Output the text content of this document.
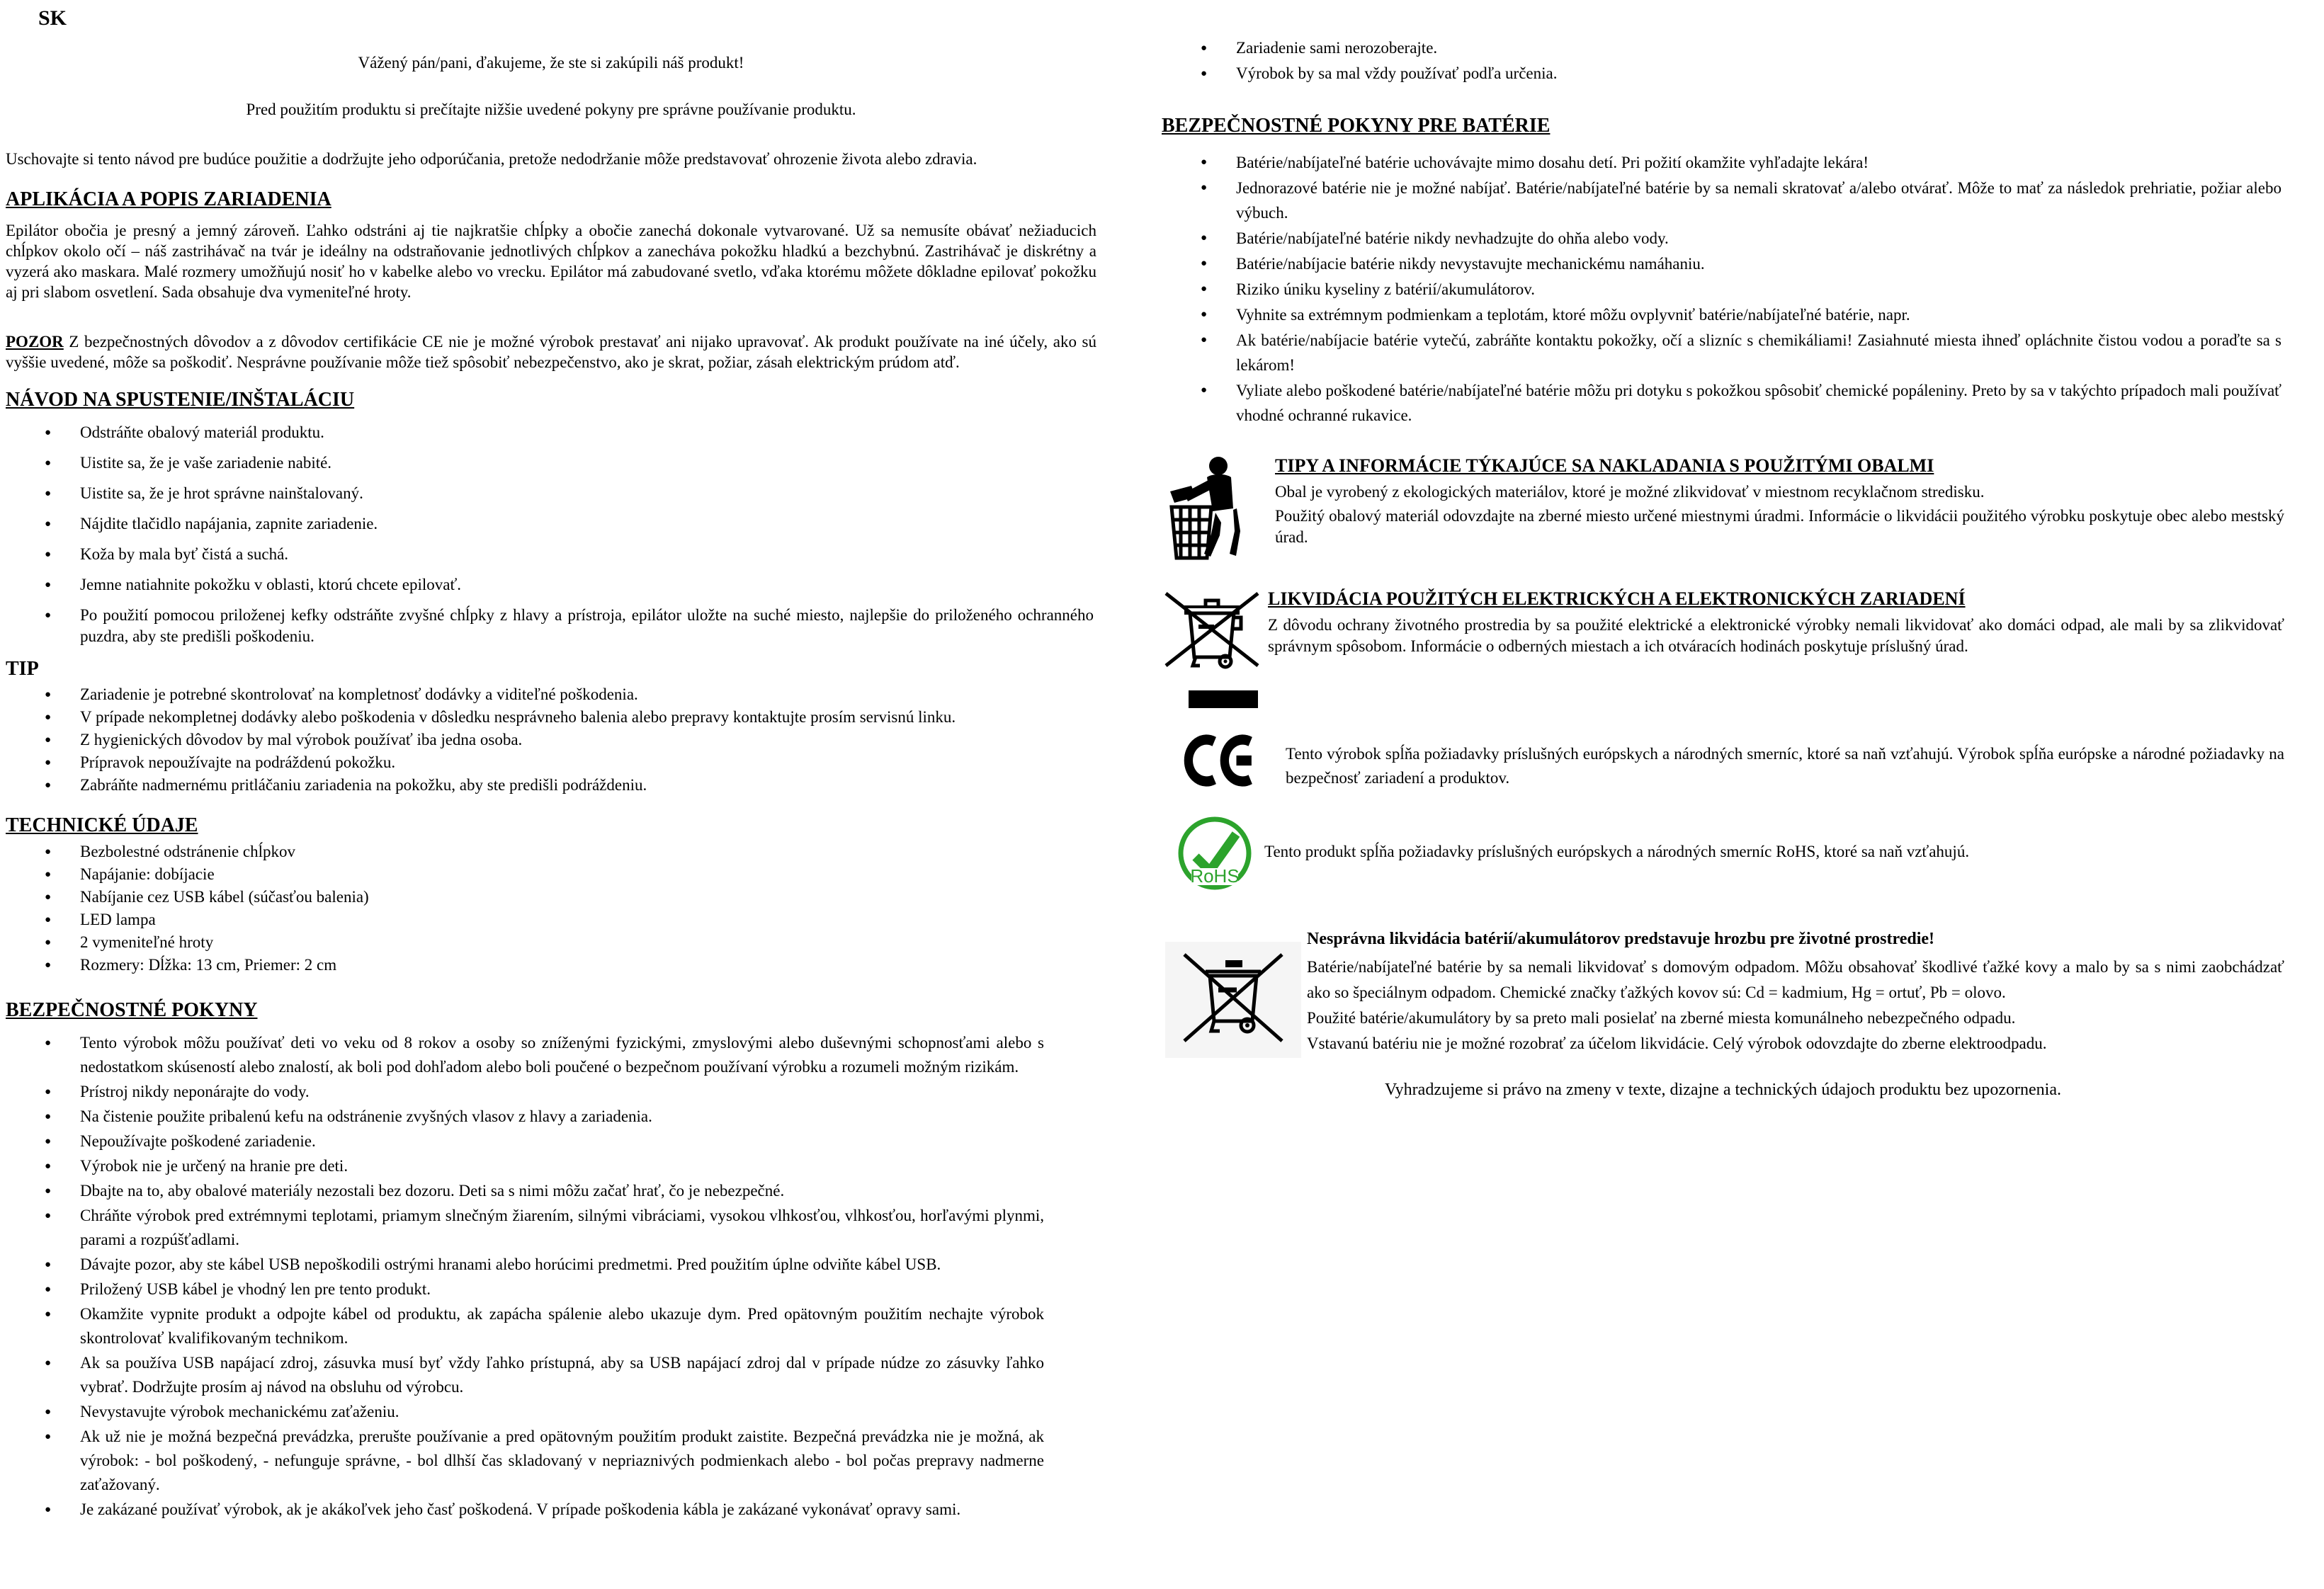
SK
Vážený pán/pani, ďakujeme, že ste si zakúpili náš produkt!
Pred použitím produktu si prečítajte nižšie uvedené pokyny pre správne používanie produktu.
Uschovajte si tento návod pre budúce použitie a dodržujte jeho odporúčania, pretože nedodržanie môže predstavovať ohrozenie života alebo zdravia.
APLIKÁCIA A POPIS ZARIADENIA

Epilátor obočia je presný a jemný zároveň. Ľahko odstráni aj tie najkratšie chĺpky a obočie zanechá dokonale vytvarované. Už sa nemusíte obávať nežiaducich chĺpkov okolo očí – náš zastrihávač na tvár je ideálny na odstraňovanie jednotlivých chĺpkov a zanecháva pokožku hladkú a bezchybnú. Zastrihávač je diskrétny a vyzerá ako maskara. Malé rozmery umožňujú nosiť ho v kabelke alebo vo vrecku. Epilátor má zabudované svetlo, vďaka ktorému môžete dôkladne epilovať pokožku aj pri slabom osvetlení. Sada obsahuje dva vymeniteľné hroty.

POZOR Z bezpečnostných dôvodov a z dôvodov certifikácie CE nie je možné výrobok prestavať ani nijako upravovať. Ak produkt používate na iné účely, ako sú vyššie uvedené, môže sa poškodiť. Nesprávne používanie môže tiež spôsobiť nebezpečenstvo, ako je skrat, požiar, zásah elektrickým prúdom atď.

NÁVOD NA SPUSTENIE/INŠTALÁCIU
●	Odstráňte obalový materiál produktu.
●	Uistite sa, že je vaše zariadenie nabité.
●	Uistite sa, že je hrot správne nainštalovaný.
●	Nájdite tlačidlo napájania, zapnite zariadenie.
●	Koža by mala byť čistá a suchá.
●	Jemne natiahnite pokožku v oblasti, ktorú chcete epilovať.
●	Po použití pomocou priloženej kefky odstráňte zvyšné chĺpky z hlavy a prístroja, epilátor uložte na suché miesto, najlepšie do priloženého ochranného puzdra, aby ste predišli poškodeniu.
TIP
●	Zariadenie je potrebné skontrolovať na kompletnosť dodávky a viditeľné poškodenia.
●	V prípade nekompletnej dodávky alebo poškodenia v dôsledku nesprávneho balenia alebo prepravy kontaktujte prosím servisnú linku.
●	Z hygienických dôvodov by mal výrobok používať iba jedna osoba.
●	Prípravok nepoužívajte na podráždenú pokožku.
●	Zabráňte nadmernému pritláčaniu zariadenia na pokožku, aby ste predišli podráždeniu.
TECHNICKÉ ÚDAJE
●	Bezbolestné odstránenie chĺpkov
●	Napájanie: dobíjacie
●	Nabíjanie cez USB kábel (súčasťou balenia)
●	LED lampa
●	2 vymeniteľné hroty
●	Rozmery: Dĺžka: 13 cm, Priemer: 2 cm
BEZPEČNOSTNÉ POKYNY
●	Tento výrobok môžu používať deti vo veku od 8 rokov a osoby so zníženými fyzickými, zmyslovými alebo duševnými schopnosťami alebo s nedostatkom skúseností alebo znalostí, ak boli pod dohľadom alebo boli poučené o bezpečnom používaní výrobku a rozumeli možným rizikám.
●	Prístroj nikdy neponárajte do vody.
●	Na čistenie použite pribalenú kefu na odstránenie zvyšných vlasov z hlavy a zariadenia.
●	Nepoužívajte poškodené zariadenie.
●	Výrobok nie je určený na hranie pre deti.
●	Dbajte na to, aby obalové materiály nezostali bez dozoru. Deti sa s nimi môžu začať hrať, čo je nebezpečné.
●	Chráňte výrobok pred extrémnymi teplotami, priamym slnečným žiarením, silnými vibráciami, vysokou vlhkosťou, vlhkosťou, horľavými plynmi, parami a rozpúšťadlami.
●	Dávajte pozor, aby ste kábel USB nepoškodili ostrými hranami alebo horúcimi predmetmi. Pred použitím úplne odviňte kábel USB.
●	Priložený USB kábel je vhodný len pre tento produkt.
●	Okamžite vypnite produkt a odpojte kábel od produktu, ak zapácha spálenie alebo ukazuje dym. Pred opätovným použitím nechajte výrobok skontrolovať kvalifikovaným technikom.
●	Ak sa používa USB napájací zdroj, zásuvka musí byť vždy ľahko prístupná, aby sa USB napájací zdroj dal v prípade núdze zo zásuvky ľahko vybrať. Dodržujte prosím aj návod na obsluhu od výrobcu.
●	Nevystavujte výrobok mechanickému zaťaženiu.
●	Ak už nie je možná bezpečná prevádzka, prerušte používanie a pred opätovným použitím produkt zaistite. Bezpečná prevádzka nie je možná, ak výrobok: - bol poškodený, - nefunguje správne, - bol dlhší čas skladovaný v nepriaznivých podmienkach alebo - bol počas prepravy nadmerne zaťažovaný.
●	Je zakázané používať výrobok, ak je akákoľvek jeho časť poškodená. V prípade poškodenia kábla je zakázané vykonávať opravy sami.
●	Zariadenie sami nerozoberajte.
●	Výrobok by sa mal vždy používať podľa určenia.
BEZPEČNOSTNÉ POKYNY PRE BATÉRIE
●	Batérie/nabíjateľné batérie uchovávajte mimo dosahu detí. Pri požití okamžite vyhľadajte lekára!
●	Jednorazové batérie nie je možné nabíjať. Batérie/nabíjateľné batérie by sa nemali skratovať a/alebo otvárať. Môže to mať za následok prehriatie, požiar alebo výbuch.
●	Batérie/nabíjateľné batérie nikdy nevhadzujte do ohňa alebo vody.
●	Batérie/nabíjacie batérie nikdy nevystavujte mechanickému namáhaniu.
●	Riziko úniku kyseliny z batérií/akumulátorov.
●	Vyhnite sa extrémnym podmienkam a teplotám, ktoré môžu ovplyvniť batérie/nabíjateľné batérie, napr.
●	Ak batérie/nabíjacie batérie vytečú, zabráňte kontaktu pokožky, očí a slizníc s chemikáliami! Zasiahnuté miesta ihneď opláchnite čistou vodou a poraďte sa s lekárom!
●	Vyliate alebo poškodené batérie/nabíjateľné batérie môžu pri dotyku s pokožkou spôsobiť chemické popáleniny. Preto by sa v takýchto prípadoch mali používať vhodné ochranné rukavice.
TIPY A INFORMÁCIE TÝKAJÚCE SA NAKLADANIA S POUŽITÝMI OBALMI

Obal je vyrobený z ekologických materiálov, ktoré je možné zlikvidovať v miestnom recyklačnom stredisku.

Použitý obalový materiál odovzdajte na zberné miesto určené miestnymi úradmi. Informácie o likvidácii použitého výrobku poskytuje obec alebo mestský úrad.

LIKVIDÁCIA POUŽITÝCH ELEKTRICKÝCH A ELEKTRONICKÝCH ZARIADENÍ

Z dôvodu ochrany životného prostredia by sa použité elektrické a elektronické výrobky nemali likvidovať ako domáci odpad, ale mali by sa zlikvidovať správnym spôsobom. Informácie o odberných miestach a ich otváracích hodinách poskytuje príslušný úrad.

Tento výrobok spĺňa požiadavky príslušných európskych a národných smerníc, ktoré sa naň vzťahujú. Výrobok spĺňa európske a národné požiadavky na bezpečnosť zariadení a produktov.

RoHS

Tento produkt spĺňa požiadavky príslušných európskych a národných smerníc RoHS, ktoré sa naň vzťahujú.

Nesprávna likvidácia batérií/akumulátorov predstavuje hrozbu pre životné prostredie!

Batérie/nabíjateľné batérie by sa nemali likvidovať s domovým odpadom. Môžu obsahovať škodlivé ťažké kovy a malo by sa s nimi zaobchádzať ako so špeciálnym odpadom. Chemické značky ťažkých kovov sú: Cd = kadmium, Hg = ortuť, Pb = olovo.

Použité batérie/akumulátory by sa preto mali posielať na zberné miesta komunálneho nebezpečného odpadu.

Vstavanú batériu nie je možné rozobrať za účelom likvidácie. Celý výrobok odovzdajte do zberne elektroodpadu.

Vyhradzujeme si právo na zmeny v texte, dizajne a technických údajoch produktu bez upozornenia.
